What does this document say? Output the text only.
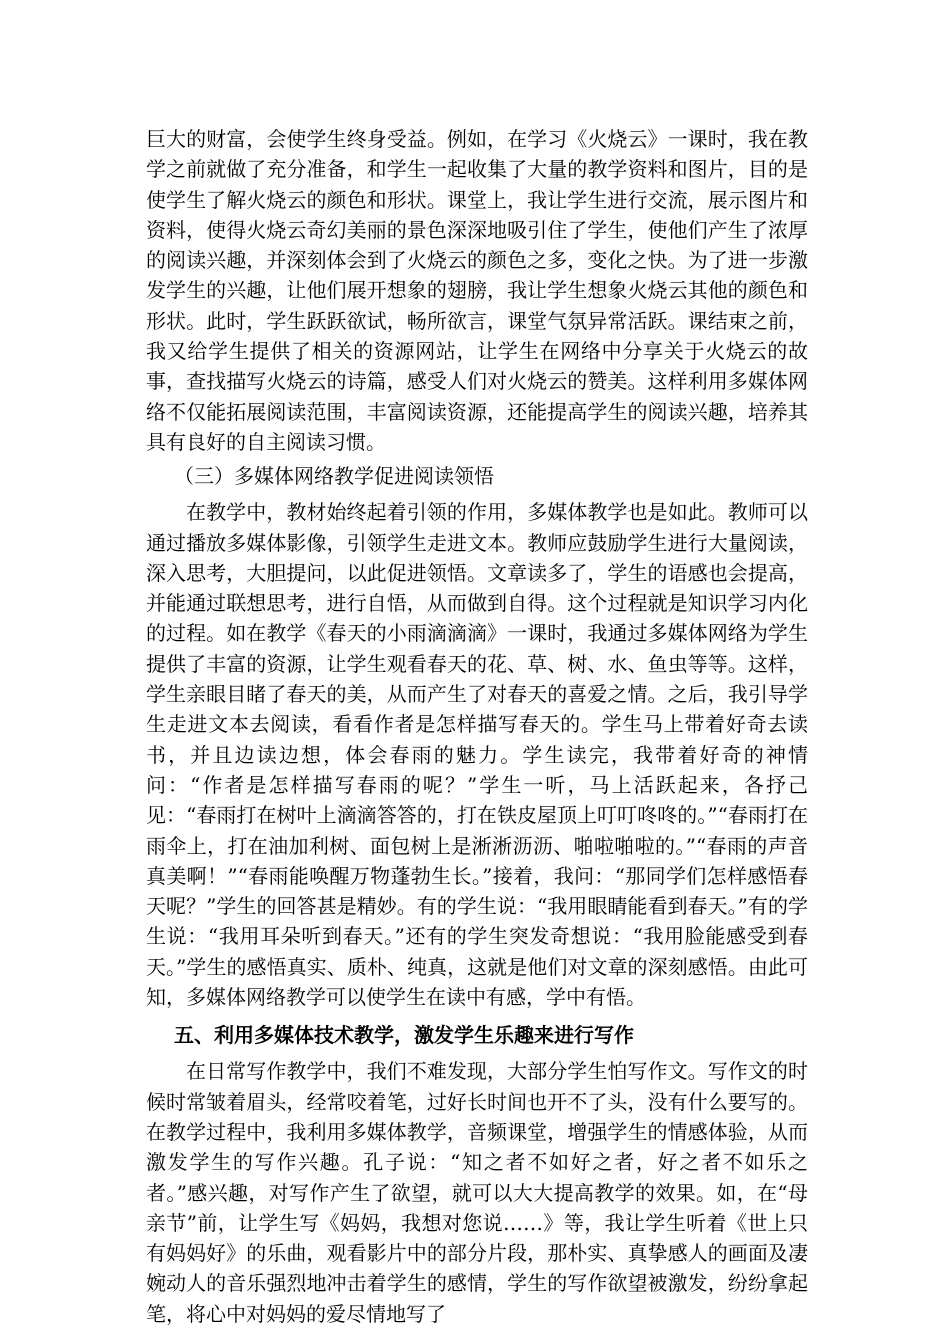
巨大的财富，会使学生终身受益。例如，在学习《火烧云》一课时，我在教学之前就做了充分准备，和学生一起收集了大量的教学资料和图片，目的是使学生了解火烧云的颜色和形状。课堂上，我让学生进行交流，展示图片和资料，使得火烧云奇幻美丽的景色深深地吸引住了学生，使他们产生了浓厚的阅读兴趣，并深刻体会到了火烧云的颜色之多，变化之快。为了进一步激发学生的兴趣，让他们展开想象的翅膀，我让学生想象火烧云其他的颜色和形状。此时，学生跃跃欲试，畅所欲言，课堂气氛异常活跃。课结束之前，我又给学生提供了相关的资源网站，让学生在网络中分享关于火烧云的故事，查找描写火烧云的诗篇，感受人们对火烧云的赞美。这样利用多媒体网络不仅能拓展阅读范围，丰富阅读资源，还能提高学生的阅读兴趣，培养其具有良好的自主阅读习惯。

（三）多媒体网络教学促进阅读领悟

在教学中，教材始终起着引领的作用，多媒体教学也是如此。教师可以通过播放多媒体影像，引领学生走进文本。教师应鼓励学生进行大量阅读，深入思考，大胆提问，以此促进领悟。文章读多了，学生的语感也会提高，并能通过联想思考，进行自悟，从而做到自得。这个过程就是知识学习内化的过程。如在教学《春天的小雨滴滴滴》一课时，我通过多媒体网络为学生提供了丰富的资源，让学生观看春天的花、草、树、水、鱼虫等等。这样，学生亲眼目睹了春天的美，从而产生了对春天的喜爱之情。之后，我引导学生走进文本去阅读，看看作者是怎样描写春天的。学生马上带着好奇去读书，并且边读边想，体会春雨的魅力。学生读完，我带着好奇的神情问：“作者是怎样描写春雨的呢？”学生一听，马上活跃起来，各抒己见：“春雨打在树叶上滴滴答答的，打在铁皮屋顶上叮叮咚咚的。”“春雨打在雨伞上，打在油加利树、面包树上是淅淅沥沥、啪啦啪啦的。”“春雨的声音真美啊！”“春雨能唤醒万物蓬勃生长。”接着，我问：“那同学们怎样感悟春天呢？”学生的回答甚是精妙。有的学生说：“我用眼睛能看到春天。”有的学生说：“我用耳朵听到春天。”还有的学生突发奇想说：“我用脸能感受到春天。”学生的感悟真实、质朴、纯真，这就是他们对文章的深刻感悟。由此可知，多媒体网络教学可以使学生在读中有感，学中有悟。

五、利用多媒体技术教学，激发学生乐趣来进行写作

在日常写作教学中，我们不难发现，大部分学生怕写作文。写作文的时候时常皱着眉头，经常咬着笔，过好长时间也开不了头，没有什么要写的。在教学过程中，我利用多媒体教学，音频课堂，增强学生的情感体验，从而激发学生的写作兴趣。孔子说：“知之者不如好之者，好之者不如乐之者。”感兴趣，对写作产生了欲望，就可以大大提高教学的效果。如，在“母亲节”前，让学生写《妈妈，我想对您说……》等，我让学生听着《世上只有妈妈好》的乐曲，观看影片中的部分片段，那朴实、真挚感人的画面及凄婉动人的音乐强烈地冲击着学生的感情，学生的写作欲望被激发，纷纷拿起笔，将心中对妈妈的爱尽情地写了
